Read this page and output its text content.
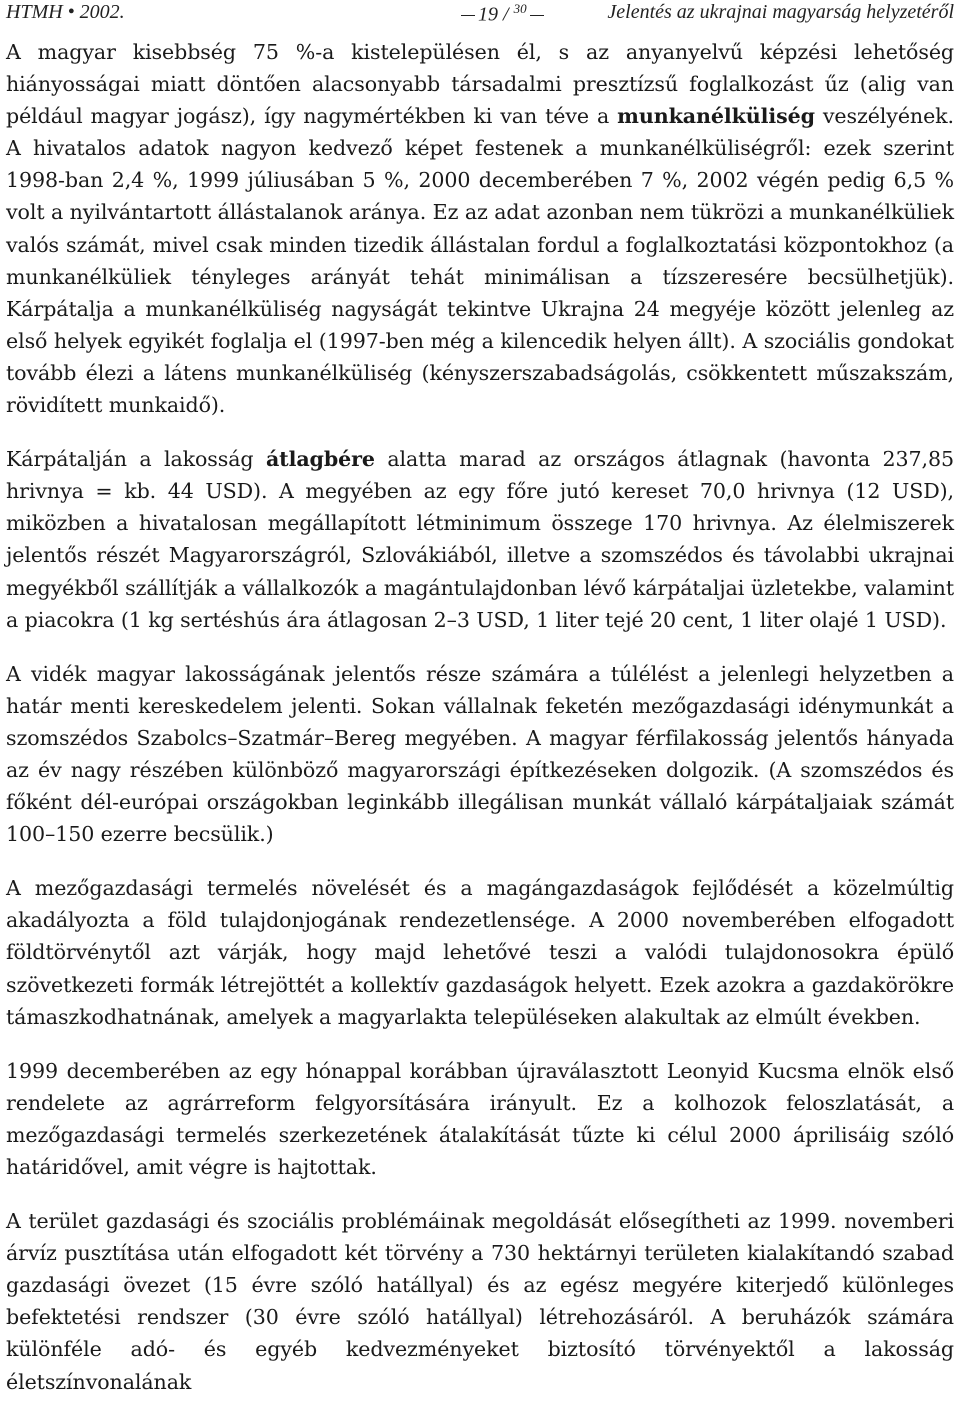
HTMH • 2002.	19 / $^{30}$	Jelentés az ukrajnai magyarság helyzetéről

A magyar kisebbség 75 %-a kistelepülésen él, s az anyanyelvű képzési lehetőség hiányosságai miatt döntően alacsonyabb társadalmi presztízsű foglalkozást űz (alig van például magyar jogász), így nagymértékben ki van téve a munkanélküliség veszélyének. A hivatalos adatok nagyon kedvező képet festenek a munkanélküliségről: ezek szerint 1998-ban 2,4 %, 1999 júliusában 5 %, 2000 decemberében 7 %, 2002 végén pedig 6,5 % volt a nyilvántartott állástalanok aránya. Ez az adat azonban nem tükrözi a munkanélküliek valós számát, mivel csak minden tizedik állástalan fordul a foglalkoztatási központokhoz (a munkanélküliek tényleges arányát tehát minimálisan a tízszeresére becsülhetjük). Kárpátalja a munkanélküliség nagyságát tekintve Ukrajna 24 megyéje között jelenleg az első helyek egyikét foglalja el (1997-ben még a kilencedik helyen állt). A szociális gondokat tovább élezi a látens munkanélküliség (kényszerszabadságolás, csökkentett műszakszám, rövidített munkaidő).

Kárpátalján a lakosság átlagbére alatta marad az országos átlagnak (havonta 237,85 hrivnya = kb. 44 USD). A megyében az egy főre jutó kereset 70,0 hrivnya (12 USD), miközben a hivatalosan megállapított létminimum összege 170 hrivnya. Az élelmiszerek jelentős részét Magyarországról, Szlovákiából, illetve a szomszédos és távolabbi ukrajnai megyékből szállítják a vállalkozók a magántulajdonban lévő kárpátaljai üzletekbe, valamint a piacokra (1 kg sertéshús ára átlagosan 2–3 USD, 1 liter tejé 20 cent, 1 liter olajé 1 USD).

A vidék magyar lakosságának jelentős része számára a túlélést a jelenlegi helyzetben a határ menti kereskedelem jelenti. Sokan vállalnak feketén mezőgazdasági idénymunkát a szomszédos Szabolcs–Szatmár–Bereg megyében. A magyar férfilakosság jelentős hányada az év nagy részében különböző magyarországi építkezéseken dolgozik. (A szomszédos és főként dél-európai országokban leginkább illegálisan munkát vállaló kárpátaljaiak számát 100–150 ezerre becsülik.)

A mezőgazdasági termelés növelését és a magángazdaságok fejlődését a közelmúltig akadályozta a föld tulajdonjogának rendezetlensége. A 2000 novemberében elfogadott földtörvénytől azt várják, hogy majd lehetővé teszi a valódi tulajdonosokra épülő szövetkezeti formák létrejöttét a kollektív gazdaságok helyett. Ezek azokra a gazdakörökre támaszkodhatnának, amelyek a magyarlakta településeken alakultak az elmúlt években.

1999 decemberében az egy hónappal korábban újraválasztott Leonyid Kucsma elnök első rendelete az agrárreform felgyorsítására irányult. Ez a kolhozok feloszlatását, a mezőgazdasági termelés szerkezetének átalakítását tűzte ki célul 2000 áprilisáig szóló határidővel, amit végre is hajtottak.

A terület gazdasági és szociális problémáinak megoldását elősegítheti az 1999. novemberi árvíz pusztítása után elfogadott két törvény a 730 hektárnyi területen kialakítandó szabad gazdasági övezet (15 évre szóló hatállyal) és az egész megyére kiterjedő különleges befektetési rendszer (30 évre szóló hatállyal) létrehozásáról. A beruházók számára különféle adó- és egyéb kedvezményeket biztosító törvényektől a lakosság életszínvonalának
